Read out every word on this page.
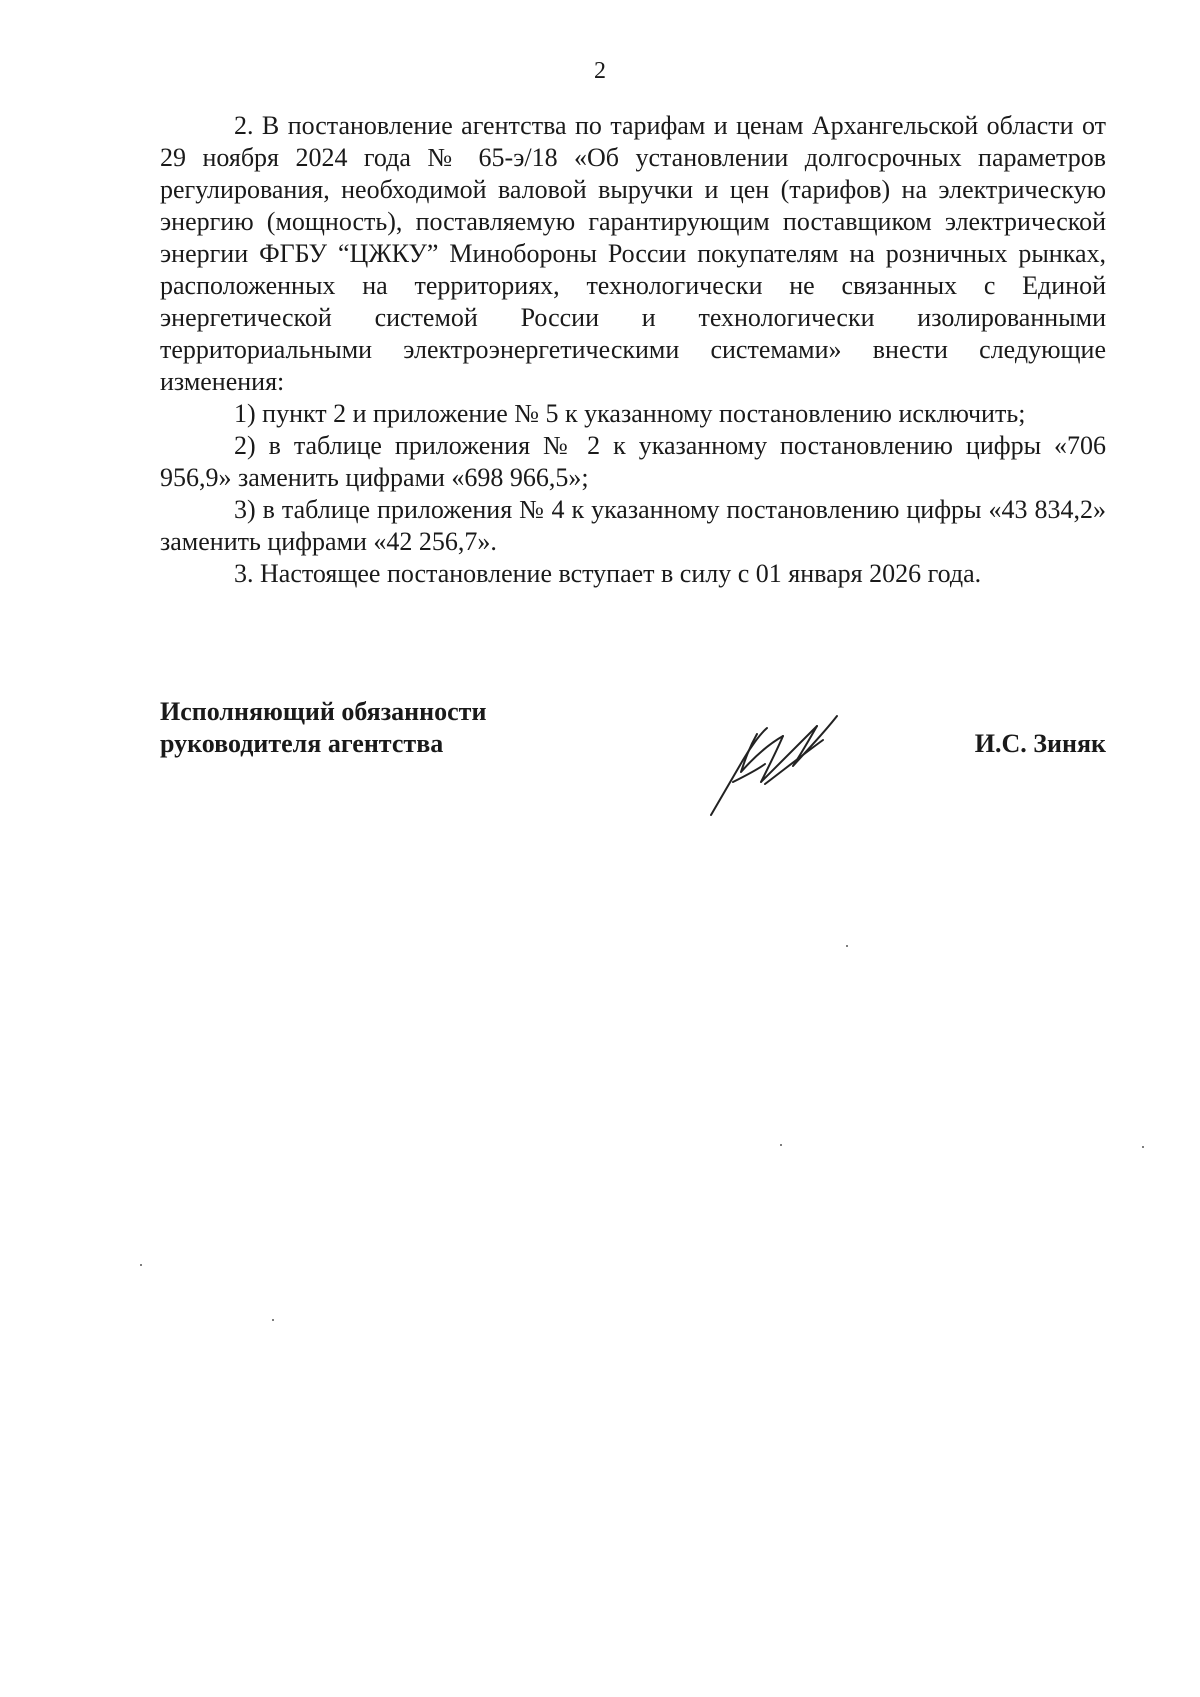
2

2. В постановление агентства по тарифам и ценам Архангельской области от 29 ноября 2024 года № 65-э/18 «Об установлении долгосрочных параметров регулирования, необходимой валовой выручки и цен (тарифов) на электрическую энергию (мощность), поставляемую гарантирующим поставщиком электрической энергии ФГБУ “ЦЖКУ” Минобороны России покупателям на розничных рынках, расположенных на территориях, технологически не связанных с Единой энергетической системой России и технологически изолированными территориальными электроэнергетическими системами» внести следующие изменения:

1) пункт 2 и приложение № 5 к указанному постановлению исключить;

2) в таблице приложения № 2 к указанному постановлению цифры «706 956,9» заменить цифрами «698 966,5»;

3) в таблице приложения № 4 к указанному постановлению цифры «43 834,2» заменить цифрами «42 256,7».

3. Настоящее постановление вступает в силу с 01 января 2026 года.

Исполняющий обязанности
руководителя агентства	И.С. Зиняк
